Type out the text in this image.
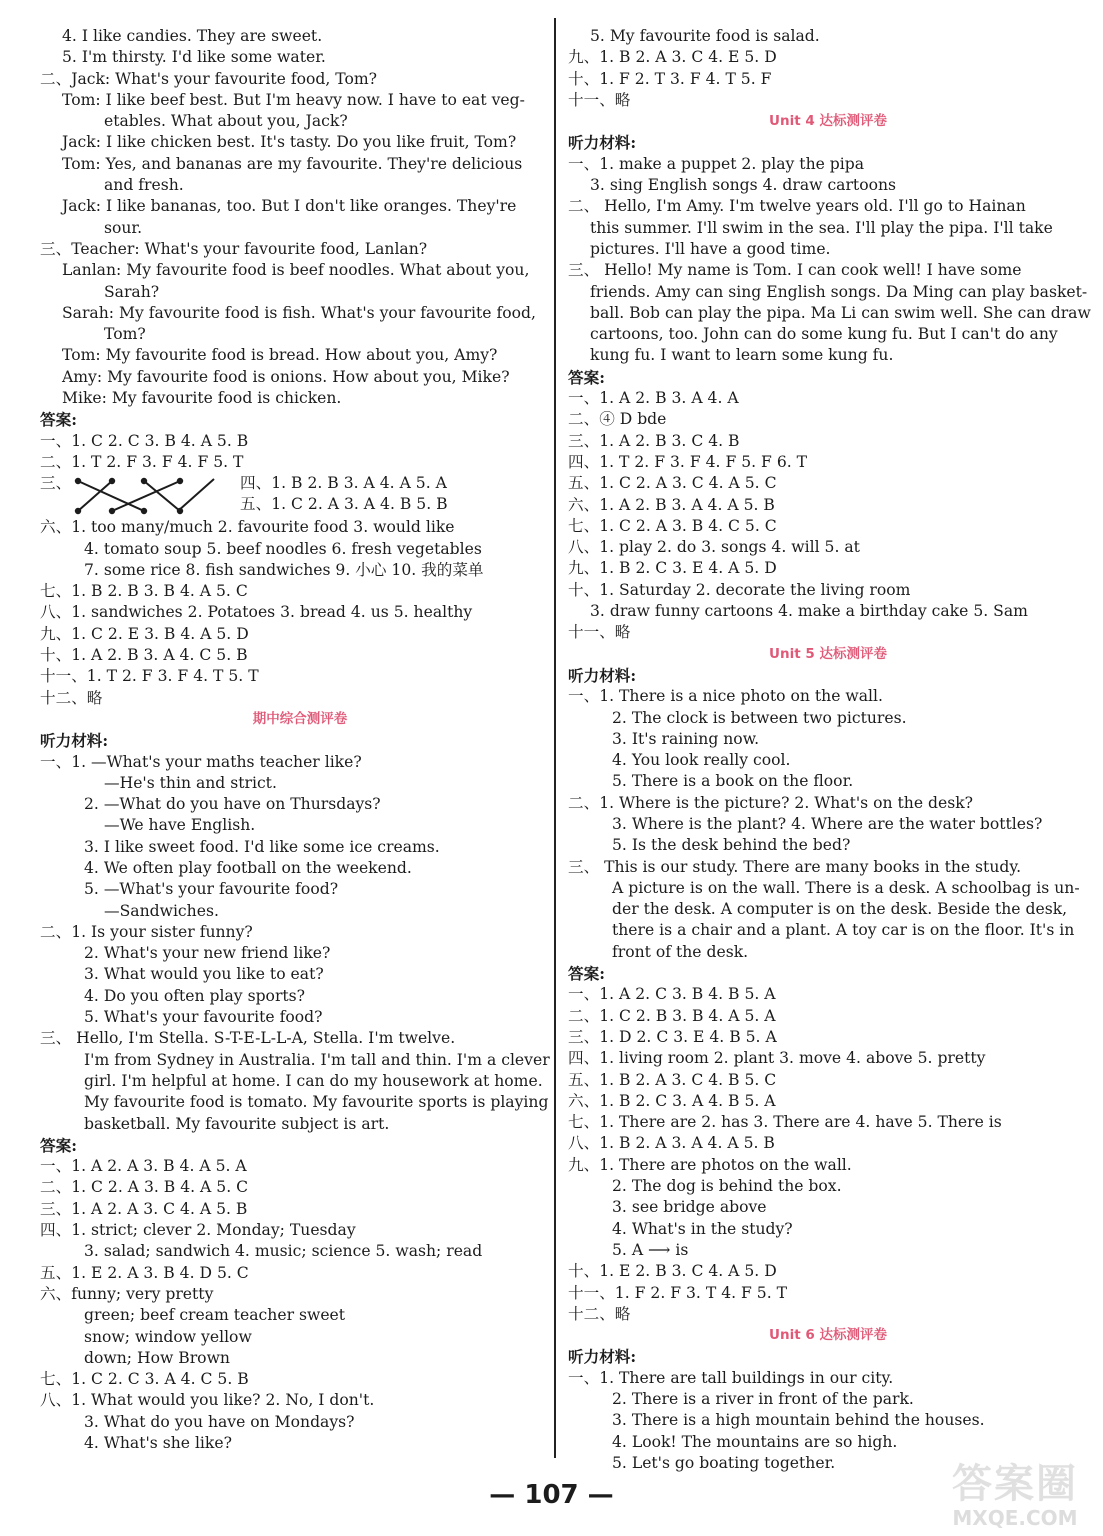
4. I like candies. They are sweet.
5. I'm thirsty. I'd like some water.
二、Jack: What's your favourite food, Tom?
Tom: I like beef best. But I'm heavy now. I have to eat veg-
etables. What about you, Jack?
Jack: I like chicken best. It's tasty. Do you like fruit, Tom?
Tom: Yes, and bananas are my favourite. They're delicious
and fresh.
Jack: I like bananas, too. But I don't like oranges. They're
sour.
三、Teacher: What's your favourite food, Lanlan?
Lanlan: My favourite food is beef noodles. What about you,
Sarah?
Sarah: My favourite food is fish. What's your favourite food,
Tom?
Tom: My favourite food is bread. How about you, Amy?
Amy: My favourite food is onions. How about you, Mike?
Mike: My favourite food is chicken.
答案:
一、1. C 2. C 3. B 4. A 5. B
二、1. T 2. F 3. F 4. F 5. T
三、	四、1. B 2. B 3. A 4. A 5. A
五、1. C 2. A 3. A 4. B 5. B
六、1. too many/much 2. favourite food 3. would like
4. tomato soup 5. beef noodles 6. fresh vegetables
7. some rice 8. fish sandwiches 9. 小心 10. 我的菜单
七、1. B 2. B 3. B 4. A 5. C
八、1. sandwiches 2. Potatoes 3. bread 4. us 5. healthy
九、1. C 2. E 3. B 4. A 5. D
十、1. A 2. B 3. A 4. C 5. B
十一、1. T 2. F 3. F 4. T 5. T
十二、略
期中综合测评卷
听力材料:
一、1. —What's your maths teacher like?
—He's thin and strict.
2. —What do you have on Thursdays?
—We have English.
3. I like sweet food. I'd like some ice creams.
4. We often play football on the weekend.
5. —What's your favourite food?
—Sandwiches.
二、1. Is your sister funny?
2. What's your new friend like?
3. What would you like to eat?
4. Do you often play sports?
5. What's your favourite food?
三、 Hello, I'm Stella. S-T-E-L-L-A, Stella. I'm twelve.
I'm from Sydney in Australia. I'm tall and thin. I'm a clever
girl. I'm helpful at home. I can do my housework at home.
My favourite food is tomato. My favourite sports is playing
basketball. My favourite subject is art.
答案:
一、1. A 2. A 3. B 4. A 5. A
二、1. C 2. A 3. B 4. A 5. C
三、1. A 2. A 3. C 4. A 5. B
四、1. strict; clever 2. Monday; Tuesday
3. salad; sandwich 4. music; science 5. wash; read
五、1. E 2. A 3. B 4. D 5. C
六、funny; very pretty
green; beef cream teacher sweet
snow; window yellow
down; How Brown
七、1. C 2. C 3. A 4. C 5. B
八、1. What would you like? 2. No, I don't.
3. What do you have on Mondays?
4. What's she like?
5. My favourite food is salad.
九、1. B 2. A 3. C 4. E 5. D
十、1. F 2. T 3. F 4. T 5. F
十一、略
Unit 4 达标测评卷
听力材料:
一、1. make a puppet 2. play the pipa
3. sing English songs 4. draw cartoons
二、 Hello, I'm Amy. I'm twelve years old. I'll go to Hainan
this summer. I'll swim in the sea. I'll play the pipa. I'll take
pictures. I'll have a good time.
三、 Hello! My name is Tom. I can cook well! I have some
friends. Amy can sing English songs. Da Ming can play basket-
ball. Bob can play the pipa. Ma Li can swim well. She can draw
cartoons, too. John can do some kung fu. But I can't do any
kung fu. I want to learn some kung fu.
答案:
一、1. A 2. B 3. A 4. A
二、④ D bde
三、1. A 2. B 3. C 4. B
四、1. T 2. F 3. F 4. F 5. F 6. T
五、1. C 2. A 3. C 4. A 5. C
六、1. A 2. B 3. A 4. A 5. B
七、1. C 2. A 3. B 4. C 5. C
八、1. play 2. do 3. songs 4. will 5. at
九、1. B 2. C 3. E 4. A 5. D
十、1. Saturday 2. decorate the living room
3. draw funny cartoons 4. make a birthday cake 5. Sam
十一、略
Unit 5 达标测评卷
听力材料:
一、1. There is a nice photo on the wall.
2. The clock is between two pictures.
3. It's raining now.
4. You look really cool.
5. There is a book on the floor.
二、1. Where is the picture? 2. What's on the desk?
3. Where is the plant? 4. Where are the water bottles?
5. Is the desk behind the bed?
三、 This is our study. There are many books in the study.
A picture is on the wall. There is a desk. A schoolbag is un-
der the desk. A computer is on the desk. Beside the desk,
there is a chair and a plant. A toy car is on the floor. It's in
front of the desk.
答案:
一、1. A 2. C 3. B 4. B 5. A
二、1. C 2. B 3. B 4. A 5. A
三、1. D 2. C 3. E 4. B 5. A
四、1. living room 2. plant 3. move 4. above 5. pretty
五、1. B 2. A 3. C 4. B 5. C
六、1. B 2. C 3. A 4. B 5. A
七、1. There are 2. has 3. There are 4. have 5. There is
八、1. B 2. A 3. A 4. A 5. B
九、1. There are photos on the wall.
2. The dog is behind the box.
3. see bridge above
4. What's in the study?
5. A ⟶ is
十、1. E 2. B 3. C 4. A 5. D
十一、1. F 2. F 3. T 4. F 5. T
十二、略
Unit 6 达标测评卷
听力材料:
一、1. There are tall buildings in our city.
2. There is a river in front of the park.
3. There is a high mountain behind the houses.
4. Look! The mountains are so high.
5. Let's go boating together.
— 107 —	答案圈
MXQE.COM
